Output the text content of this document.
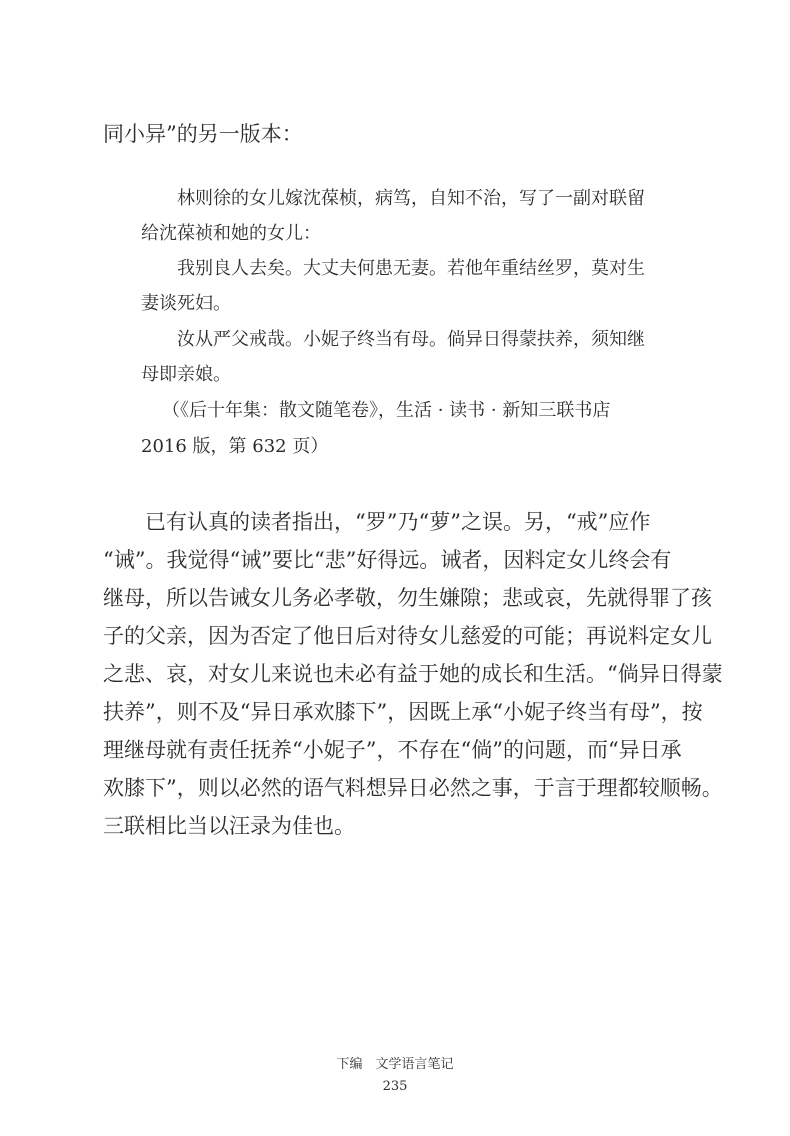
同小异”的另一版本：

林则徐的女儿嫁沈葆桢，病笃，自知不治，写了一副对联留

给沈葆祯和她的女儿：

我别良人去矣。大丈夫何患无妻。若他年重结丝罗，莫对生

妻谈死妇。

汝从严父戒哉。小妮子终当有母。倘异日得蒙扶养，须知继

母即亲娘。

（《后十年集：散文随笔卷》，生活 · 读书 · 新知三联书店

2016 版，第 632 页）

已有认真的读者指出，“罗”乃“萝”之误。另，“戒”应作

“诫”。我觉得“诫”要比“悲”好得远。诫者，因料定女儿终会有

继母，所以告诫女儿务必孝敬，勿生嫌隙；悲或哀，先就得罪了孩

子的父亲，因为否定了他日后对待女儿慈爱的可能；再说料定女儿

之悲、哀，对女儿来说也未必有益于她的成长和生活。“倘异日得蒙

扶养”，则不及“异日承欢膝下”，因既上承“小妮子终当有母”，按

理继母就有责任抚养“小妮子”，不存在“倘”的问题，而“异日承

欢膝下”，则以必然的语气料想异日必然之事，于言于理都较顺畅。

三联相比当以汪录为佳也。

下编　文学语言笔记

235
